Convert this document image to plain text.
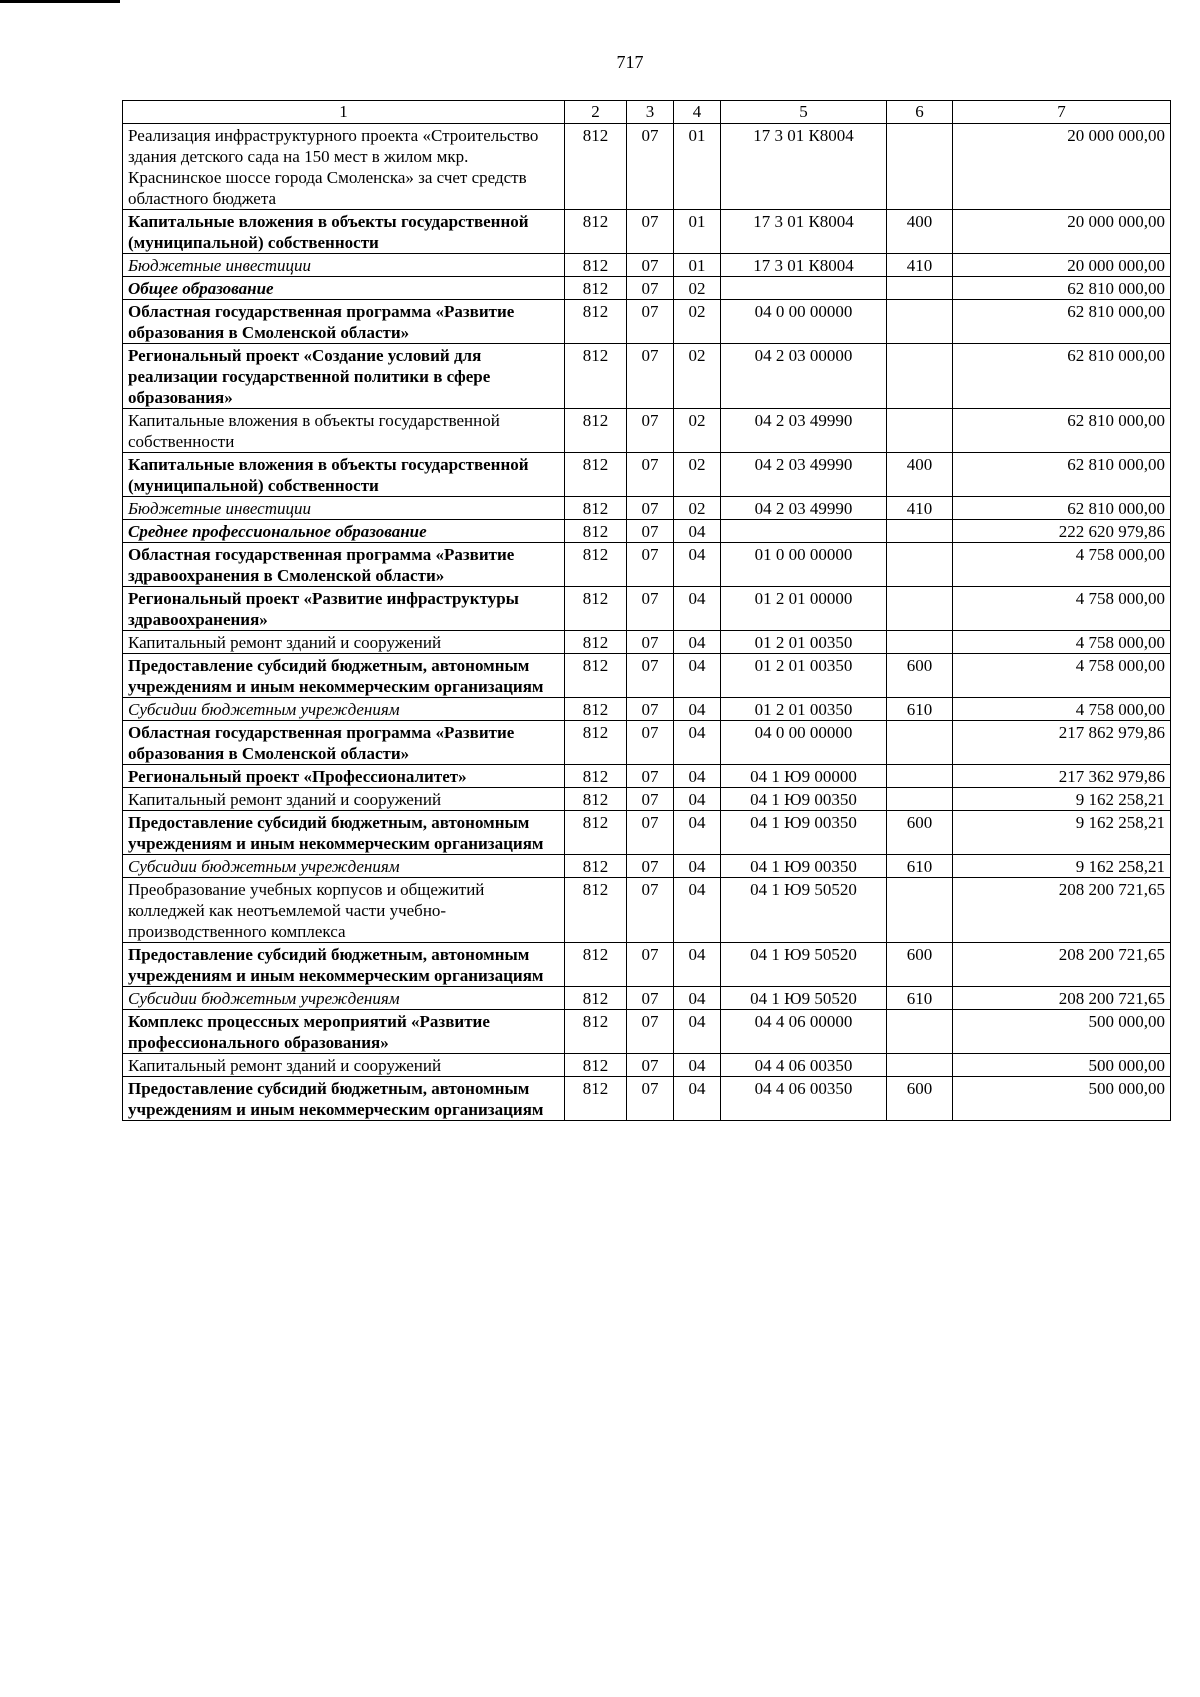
717
1	2	3	4	5	6	7
Реализация инфраструктурного проекта «Строительство здания детского сада на 150 мест в жилом мкр. Краснинское шоссе города Смоленска» за счет средств областного бюджета	812	07	01	17 3 01 К8004		20 000 000,00
Капитальные вложения в объекты государственной (муниципальной) собственности	812	07	01	17 3 01 К8004	400	20 000 000,00
Бюджетные инвестиции	812	07	01	17 3 01 К8004	410	20 000 000,00
Общее образование	812	07	02			62 810 000,00
Областная государственная программа «Развитие образования в Смоленской области»	812	07	02	04 0 00 00000		62 810 000,00
Региональный проект «Создание условий для реализации государственной политики в сфере образования»	812	07	02	04 2 03 00000		62 810 000,00
Капитальные вложения в объекты государственной собственности	812	07	02	04 2 03 49990		62 810 000,00
Капитальные вложения в объекты государственной (муниципальной) собственности	812	07	02	04 2 03 49990	400	62 810 000,00
Бюджетные инвестиции	812	07	02	04 2 03 49990	410	62 810 000,00
Среднее профессиональное образование	812	07	04			222 620 979,86
Областная государственная программа «Развитие здравоохранения в Смоленской области»	812	07	04	01 0 00 00000		4 758 000,00
Региональный проект «Развитие инфраструктуры здравоохранения»	812	07	04	01 2 01 00000		4 758 000,00
Капитальный ремонт зданий и сооружений	812	07	04	01 2 01 00350		4 758 000,00
Предоставление субсидий бюджетным, автономным учреждениям и иным некоммерческим организациям	812	07	04	01 2 01 00350	600	4 758 000,00
Субсидии бюджетным учреждениям	812	07	04	01 2 01 00350	610	4 758 000,00
Областная государственная программа «Развитие образования в Смоленской области»	812	07	04	04 0 00 00000		217 862 979,86
Региональный проект «Профессионалитет»	812	07	04	04 1 Ю9 00000		217 362 979,86
Капитальный ремонт зданий и сооружений	812	07	04	04 1 Ю9 00350		9 162 258,21
Предоставление субсидий бюджетным, автономным учреждениям и иным некоммерческим организациям	812	07	04	04 1 Ю9 00350	600	9 162 258,21
Субсидии бюджетным учреждениям	812	07	04	04 1 Ю9 00350	610	9 162 258,21
Преобразование учебных корпусов и общежитий колледжей как неотъемлемой части учебно-производственного комплекса	812	07	04	04 1 Ю9 50520		208 200 721,65
Предоставление субсидий бюджетным, автономным учреждениям и иным некоммерческим организациям	812	07	04	04 1 Ю9 50520	600	208 200 721,65
Субсидии бюджетным учреждениям	812	07	04	04 1 Ю9 50520	610	208 200 721,65
Комплекс процессных мероприятий «Развитие профессионального образования»	812	07	04	04 4 06 00000		500 000,00
Капитальный ремонт зданий и сооружений	812	07	04	04 4 06 00350		500 000,00
Предоставление субсидий бюджетным, автономным учреждениям и иным некоммерческим организациям	812	07	04	04 4 06 00350	600	500 000,00
